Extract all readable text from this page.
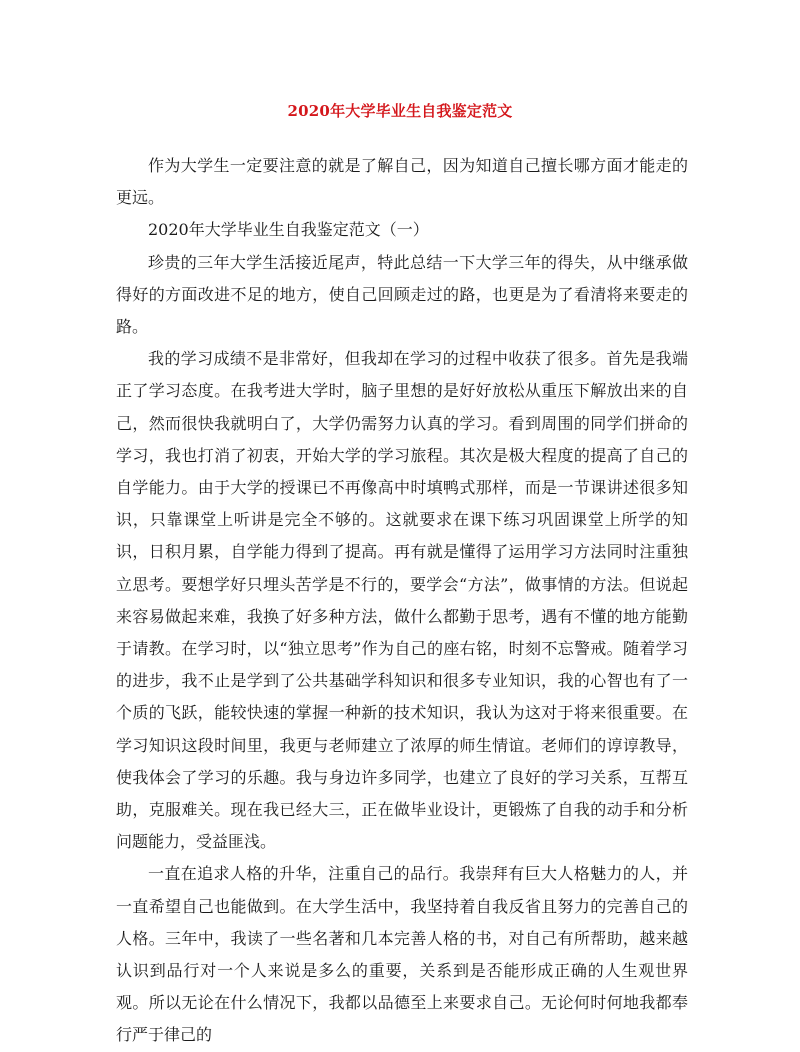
2020年大学毕业生自我鉴定范文

作为大学生一定要注意的就是了解自己，因为知道自己擅长哪方面才能走的更远。

2020年大学毕业生自我鉴定范文（一）

珍贵的三年大学生活接近尾声，特此总结一下大学三年的得失，从中继承做得好的方面改进不足的地方，使自己回顾走过的路，也更是为了看清将来要走的路。

我的学习成绩不是非常好，但我却在学习的过程中收获了很多。首先是我端正了学习态度。在我考进大学时，脑子里想的是好好放松从重压下解放出来的自己，然而很快我就明白了，大学仍需努力认真的学习。看到周围的同学们拼命的学习，我也打消了初衷，开始大学的学习旅程。其次是极大程度的提高了自己的自学能力。由于大学的授课已不再像高中时填鸭式那样，而是一节课讲述很多知识，只靠课堂上听讲是完全不够的。这就要求在课下练习巩固课堂上所学的知识，日积月累，自学能力得到了提高。再有就是懂得了运用学习方法同时注重独立思考。要想学好只埋头苦学是不行的，要学会“方法”，做事情的方法。但说起来容易做起来难，我换了好多种方法，做什么都勤于思考，遇有不懂的地方能勤于请教。在学习时，以“独立思考”作为自己的座右铭，时刻不忘警戒。随着学习的进步，我不止是学到了公共基础学科知识和很多专业知识，我的心智也有了一个质的飞跃，能较快速的掌握一种新的技术知识，我认为这对于将来很重要。在学习知识这段时间里，我更与老师建立了浓厚的师生情谊。老师们的谆谆教导，使我体会了学习的乐趣。我与身边许多同学，也建立了良好的学习关系，互帮互助，克服难关。现在我已经大三，正在做毕业设计，更锻炼了自我的动手和分析问题能力，受益匪浅。

一直在追求人格的升华，注重自己的品行。我崇拜有巨大人格魅力的人，并一直希望自己也能做到。在大学生活中，我坚持着自我反省且努力的完善自己的人格。三年中，我读了一些名著和几本完善人格的书，对自己有所帮助，越来越认识到品行对一个人来说是多么的重要，关系到是否能形成正确的人生观世界观。所以无论在什么情况下，我都以品德至上来要求自己。无论何时何地我都奉行严于律己的
